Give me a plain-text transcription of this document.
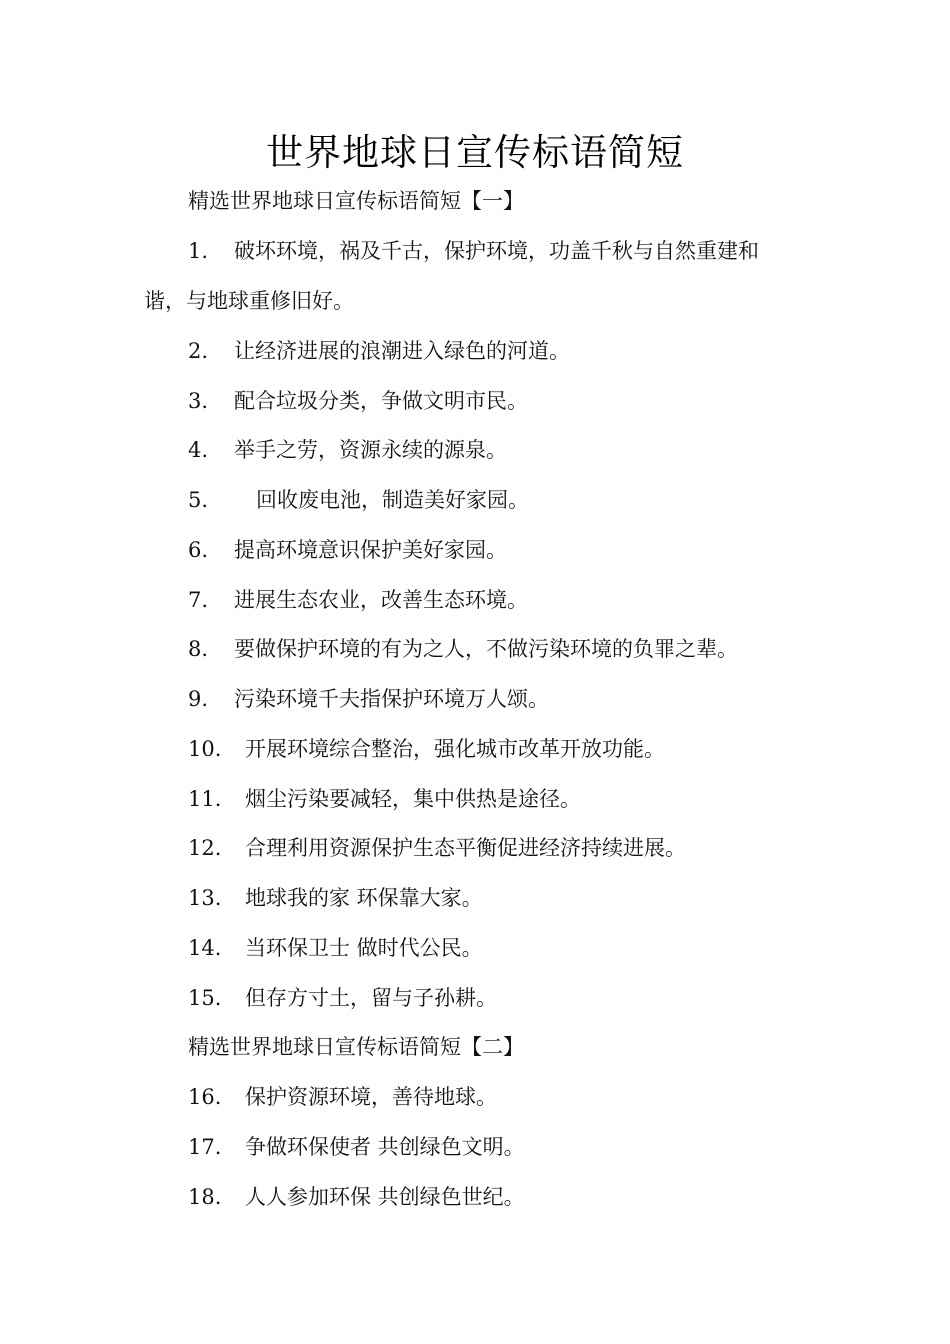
世界地球日宣传标语简短
精选世界地球日宣传标语简短【一】
1. 破坏环境，祸及千古，保护环境，功盖千秋与自然重建和
谐，与地球重修旧好。
2. 让经济进展的浪潮进入绿色的河道。
3. 配合垃圾分类，争做文明市民。
4. 举手之劳，资源永续的源泉。
5. 回收废电池，制造美好家园。
6. 提高环境意识保护美好家园。
7. 进展生态农业，改善生态环境。
8. 要做保护环境的有为之人，不做污染环境的负罪之辈。
9. 污染环境千夫指保护环境万人颂。
10. 开展环境综合整治，强化城市改革开放功能。
11. 烟尘污染要减轻，集中供热是途径。
12. 合理利用资源保护生态平衡促进经济持续进展。
13. 地球我的家 环保靠大家。
14. 当环保卫士 做时代公民。
15. 但存方寸土，留与子孙耕。
精选世界地球日宣传标语简短【二】
16. 保护资源环境，善待地球。
17. 争做环保使者 共创绿色文明。
18. 人人参加环保 共创绿色世纪。
